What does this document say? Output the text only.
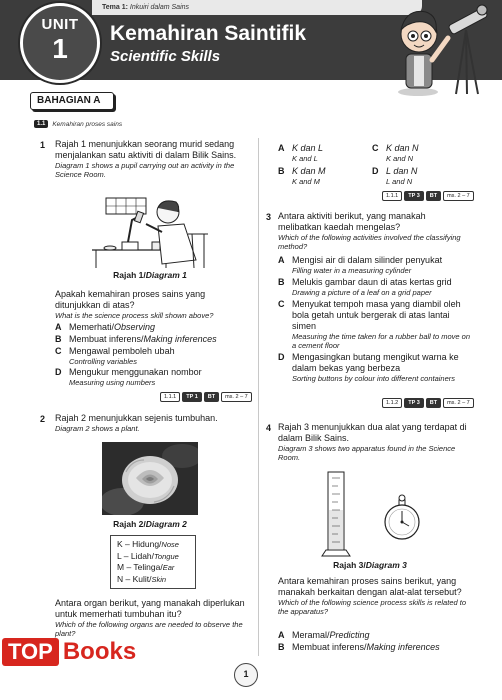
Tema 1: Inkuiri dalam Sains
UNIT
1	Kemahiran Saintifik
Scientific Skills
BAHAGIAN A
1.1	Kemahiran proses sains
1 Rajah 1 menunjukkan seorang murid sedang menjalankan satu aktiviti di dalam Bilik Sains.
Diagram 1 shows a pupil carrying out an activity in the Science Room.
Rajah 1/Diagram 1
Apakah kemahiran proses sains yang ditunjukkan di atas?
What is the science process skill shown above?
A Memerhati/Observing
B Membuat inferens/Making inferences
C Mengawal pemboleh ubah
Controlling variables
D Mengukur menggunakan nombor
Measuring using numbers
1.1.1	TP 1	BT	ms. 2 – 7
2 Rajah 2 menunjukkan sejenis tumbuhan.
Diagram 2 shows a plant.
Rajah 2/Diagram 2
K – Hidung/Nose
L – Lidah/Tongue
M – Telinga/Ear
N – Kulit/Skin
Antara organ berikut, yang manakah diperlukan untuk memerhati tumbuhan itu?
Which of the following organs are needed to observe the plant?
A K dan L
K and L
C K dan N
K and N
B K dan M
K and M
D L dan N
L and N
1.1.1	TP 3	BT	ms. 2 – 7
3 Antara aktiviti berikut, yang manakah melibatkan kaedah mengelas?
Which of the following activities involved the classifying method?
A Mengisi air di dalam silinder penyukat
Filling water in a measuring cylinder
B Melukis gambar daun di atas kertas grid
Drawing a picture of a leaf on a grid paper
C Menyukat tempoh masa yang diambil oleh bola getah untuk bergerak di atas lantai simen
Measuring the time taken for a rubber ball to move on a cement floor
D Mengasingkan butang mengikut warna ke dalam bekas yang berbeza
Sorting buttons by colour into different containers
1.1.2	TP 3	BT	ms. 2 – 7
4 Rajah 3 menunjukkan dua alat yang terdapat di dalam Bilik Sains.
Diagram 3 shows two apparatus found in the Science Room.
Rajah 3/Diagram 3
Antara kemahiran proses sains berikut, yang manakah berkaitan dengan alat-alat tersebut?
Which of the following science process skills is related to the apparatus?
A Meramal/Predicting
B Membuat inferens/Making inferences
1
TOP Books
